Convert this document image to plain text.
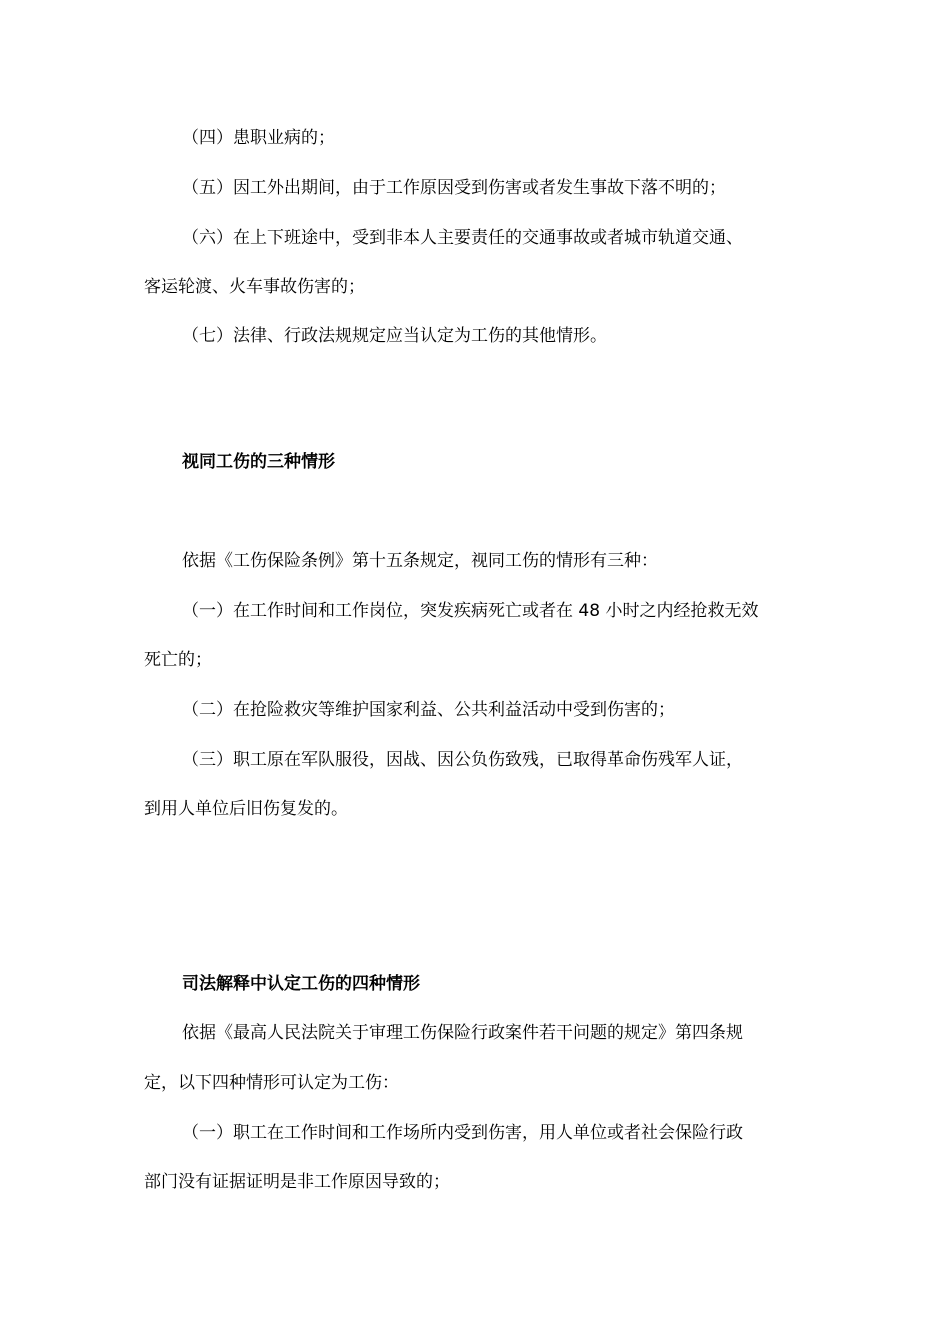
（四）患职业病的；
（五）因工外出期间，由于工作原因受到伤害或者发生事故下落不明的；
（六）在上下班途中，受到非本人主要责任的交通事故或者城市轨道交通、
客运轮渡、火车事故伤害的；
（七）法律、行政法规规定应当认定为工伤的其他情形。
视同工伤的三种情形
依据《工伤保险条例》第十五条规定，视同工伤的情形有三种：
（一）在工作时间和工作岗位，突发疾病死亡或者在 48 小时之内经抢救无效
死亡的；
（二）在抢险救灾等维护国家利益、公共利益活动中受到伤害的；
（三）职工原在军队服役，因战、因公负伤致残，已取得革命伤残军人证，
到用人单位后旧伤复发的。
司法解释中认定工伤的四种情形
依据《最高人民法院关于审理工伤保险行政案件若干问题的规定》第四条规
定，以下四种情形可认定为工伤：
（一）职工在工作时间和工作场所内受到伤害，用人单位或者社会保险行政
部门没有证据证明是非工作原因导致的；
